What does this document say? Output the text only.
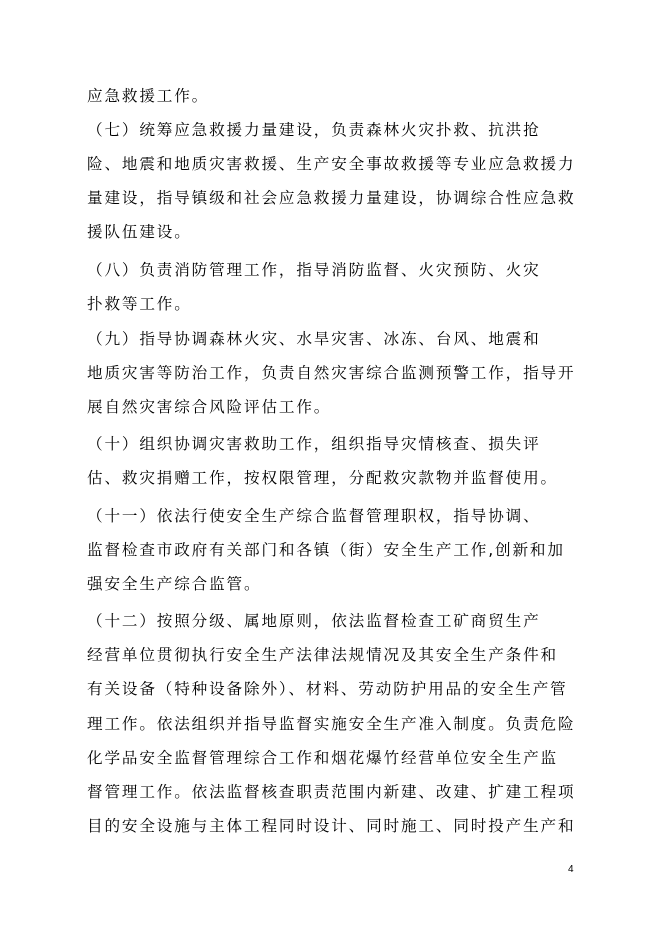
应急救援工作。
（七）统筹应急救援力量建设，负责森林火灾扑救、抗洪抢
险、地震和地质灾害救援、生产安全事故救援等专业应急救援力
量建设，指导镇级和社会应急救援力量建设，协调综合性应急救
援队伍建设。
（八）负责消防管理工作，指导消防监督、火灾预防、火灾
扑救等工作。
（九）指导协调森林火灾、水旱灾害、冰冻、台风、地震和
地质灾害等防治工作，负责自然灾害综合监测预警工作，指导开
展自然灾害综合风险评估工作。
（十）组织协调灾害救助工作，组织指导灾情核查、损失评
估、救灾捐赠工作，按权限管理，分配救灾款物并监督使用。
（十一）依法行使安全生产综合监督管理职权，指导协调、
监督检查市政府有关部门和各镇（街）安全生产工作,创新和加
强安全生产综合监管。
（十二）按照分级、属地原则，依法监督检查工矿商贸生产
经营单位贯彻执行安全生产法律法规情况及其安全生产条件和
有关设备（特种设备除外）、材料、劳动防护用品的安全生产管
理工作。依法组织并指导监督实施安全生产准入制度。负责危险
化学品安全监督管理综合工作和烟花爆竹经营单位安全生产监
督管理工作。依法监督核查职责范围内新建、改建、扩建工程项
目的安全设施与主体工程同时设计、同时施工、同时投产生产和
4
